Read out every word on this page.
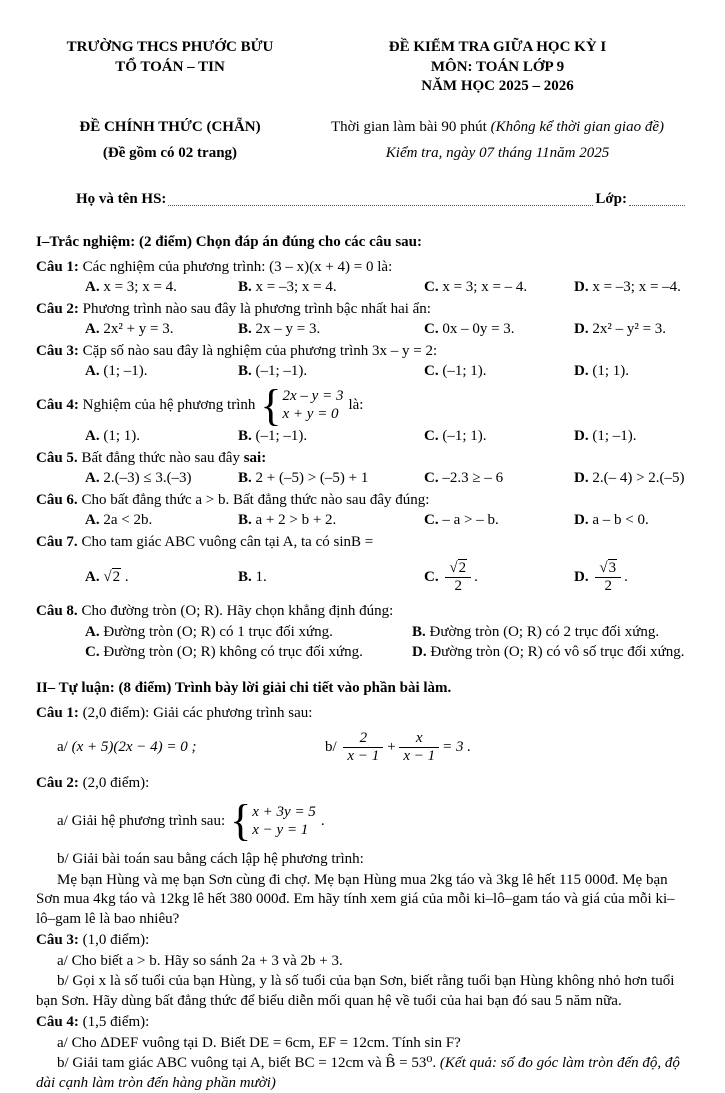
TRƯỜNG THCS PHƯỚC BỬU
TỔ TOÁN – TIN
ĐỀ KIỂM TRA GIỮA HỌC KỲ I
MÔN: TOÁN LỚP 9
NĂM HỌC 2025 – 2026
ĐỀ CHÍNH THỨC (CHẴN)	Thời gian làm bài 90 phút (Không kể thời gian giao đề)
(Đề gồm có 02 trang)	Kiểm tra, ngày 07 tháng 11năm 2025
Họ và tên HS:	Lớp:
I–Trắc nghiệm: (2 điểm) Chọn đáp án đúng cho các câu sau:

Câu 1: Các nghiệm của phương trình: (3 – x)(x + 4) = 0 là:

A. x = 3; x = 4.	B. x = –3; x = 4.	C. x = 3; x = – 4.	D. x = –3; x = –4.

Câu 2: Phương trình nào sau đây là phương trình bậc nhất hai ẩn:

A. 2x² + y = 3.	B. 2x – y = 3.	C. 0x – 0y = 3.	D. 2x² – y² = 3.

Câu 3: Cặp số nào sau đây là nghiệm của phương trình 3x – y = 2:

A. (1; –1).	B. (–1; –1).	C. (–1; 1).	D. (1; 1).
Câu 4:
Nghiệm của hệ phương trình { 2x – y = 3
x + y = 0
là:
A. (1; 1).	B. (–1; –1).	C. (–1; 1).	D. (1; –1).

Câu 5. Bất đẳng thức nào sau đây sai:

A. 2.(–3) ≤ 3.(–3)	B. 2 + (–5) > (–5) + 1	C. –2.3 ≥ – 6	D. 2.(– 4) > 2.(–5)

Câu 6. Cho bất đẳng thức a > b. Bất đẳng thức nào sau đây đúng:

A. 2a < 2b.	B. a + 2 > b + 2.	C. – a > – b.	D. a – b < 0.

Câu 7. Cho tam giác ABC vuông cân tại A, ta có sinB =

A. √2 .	B. 1.	C.
$\frac{√2}{2}$ .	D.
$\frac{√3}{2}$ .

Câu 8. Cho đường tròn (O; R). Hãy chọn khẳng định đúng:

A. Đường tròn (O; R) có 1 trục đối xứng.	B. Đường tròn (O; R) có 2 trục đối xứng.
C. Đường tròn (O; R) không có trục đối xứng.	D. Đường tròn (O; R) có vô số trục đối xứng.
II– Tự luận: (8 điểm) Trình bày lời giải chi tiết vào phần bài làm.

Câu 1: (2,0 điểm): Giải các phương trình sau:

a/
(x + 5)(2x − 4) = 0 ;	b/
$\frac{2}{x - 1} + \frac{x}{x - 1} = 3$ .

Câu 2: (2,0 điểm):

a/ Giải hệ phương trình sau: { x + 3y = 5
x − y = 1
.

b/ Giải bài toán sau bằng cách lập hệ phương trình:

Mẹ bạn Hùng và mẹ bạn Sơn cùng đi chợ. Mẹ bạn Hùng mua 2kg táo và 3kg lê hết 115 000đ. Mẹ bạn Sơn mua 4kg táo và 12kg lê hết 380 000đ. Em hãy tính xem giá của mỗi ki–lô–gam táo và giá của mỗi ki–lô–gam lê là bao nhiêu?

Câu 3: (1,0 điểm):

a/ Cho biết a > b. Hãy so sánh 2a + 3 và 2b + 3.

b/ Gọi x là số tuổi của bạn Hùng, y là số tuổi của bạn Sơn, biết rằng tuổi bạn Hùng không nhỏ hơn tuổi bạn Sơn. Hãy dùng bất đẳng thức để biểu diễn mối quan hệ về tuổi của hai bạn đó sau 5 năm nữa.

Câu 4: (1,5 điểm):

a/ Cho ΔDEF vuông tại D. Biết DE = 6cm, EF = 12cm. Tính sin F?

b/ Giải tam giác ABC vuông tại A, biết BC = 12cm và B̂ = 53⁰. (Kết quả: số đo góc làm tròn đến độ, độ dài cạnh làm tròn đến hàng phần mười)
